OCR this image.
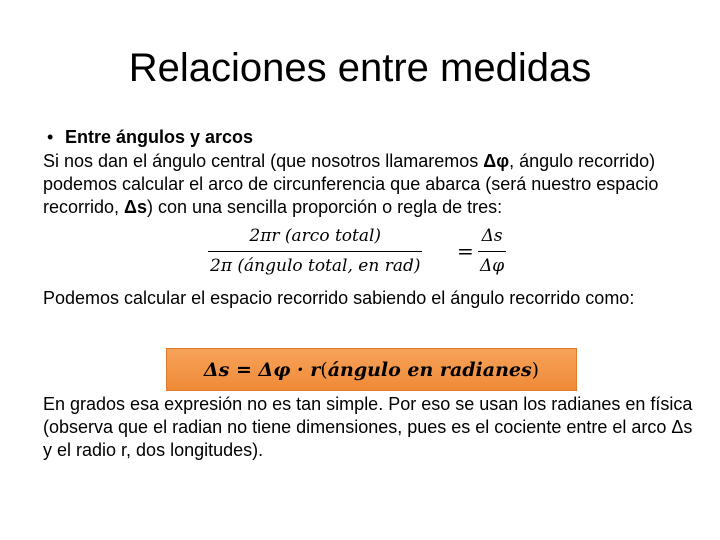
Relaciones entre medidas
• Entre ángulos y arcos

Si nos dan el ángulo central (que nosotros llamaremos Δφ, ángulo recorrido) podemos calcular el arco de circunferencia que abarca (será nuestro espacio recorrido, Δs) con una sencilla proporción o regla de tres:

2πr (arco total)
2π (ángulo total, en rad)
=
Δs
Δφ

Podemos calcular el espacio recorrido sabiendo el ángulo recorrido como:

Δs = Δφ · r ( ángulo en radianes )
En grados esa expresión no es tan simple. Por eso se usan los radianes en física (observa que el radian no tiene dimensiones, pues es el cociente entre el arco Δs y el radio r, dos longitudes).
